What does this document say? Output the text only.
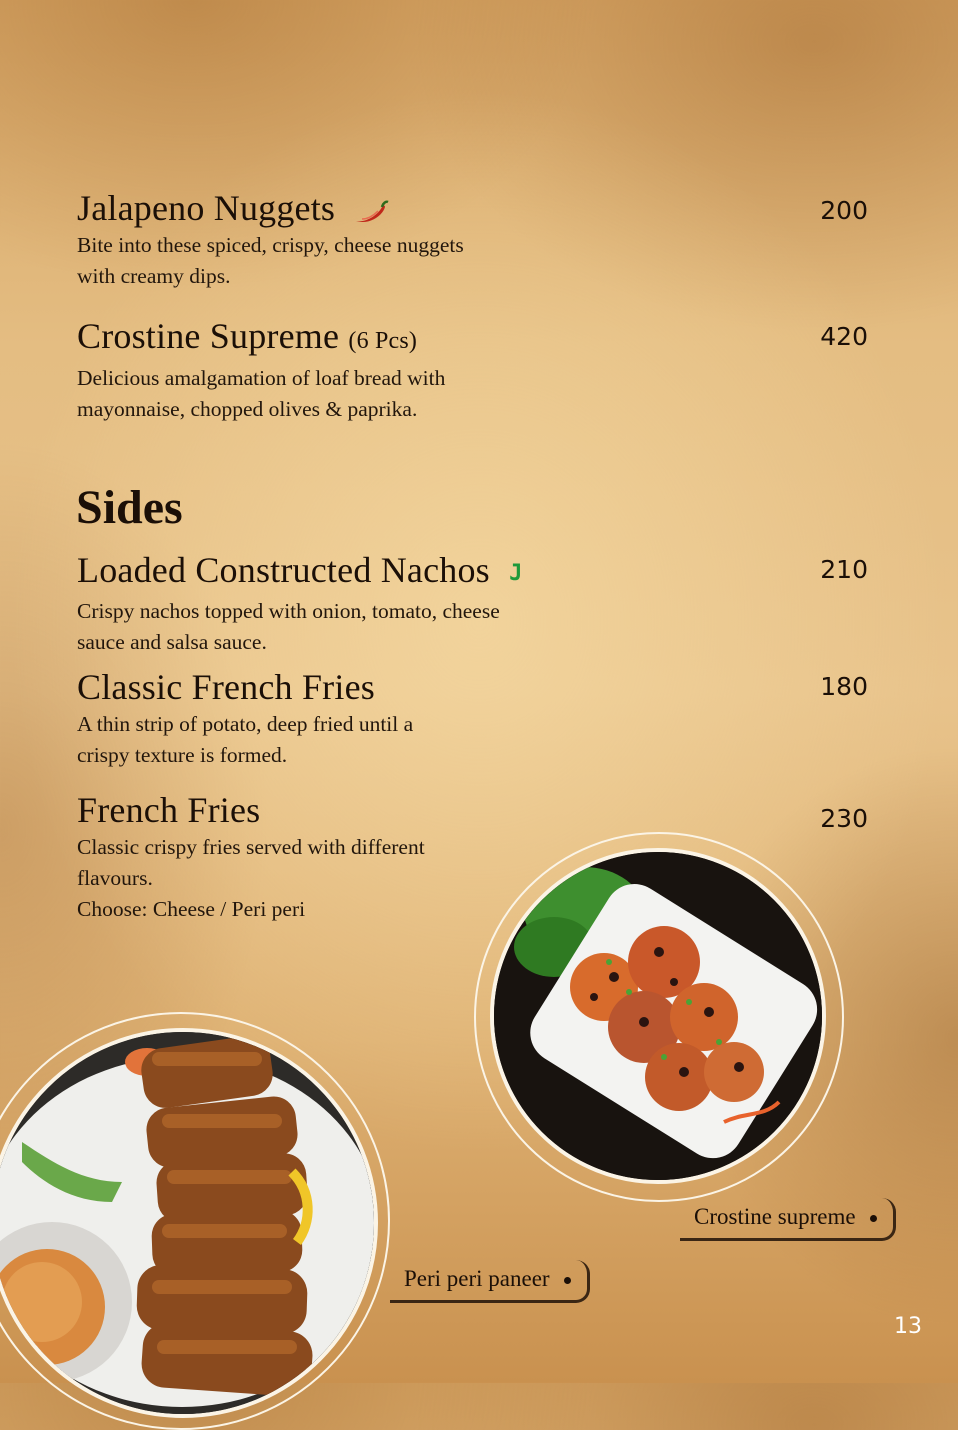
Jalapeno Nuggets
Bite into these spiced, crispy, cheese nuggets
with creamy dips.
200
Crostine Supreme (6 Pcs)
Delicious amalgamation of loaf bread with
mayonnaise, chopped olives & paprika.
420
Sides
Loaded Constructed Nachos J
Crispy nachos topped with onion, tomato, cheese
sauce and salsa sauce.
210
Classic French Fries
A thin strip of potato, deep fried until a
crispy texture is formed.
180
French Fries
Classic crispy fries served with different
flavours.
Choose: Cheese / Peri peri
230
Crostine supreme
Peri peri paneer
13
